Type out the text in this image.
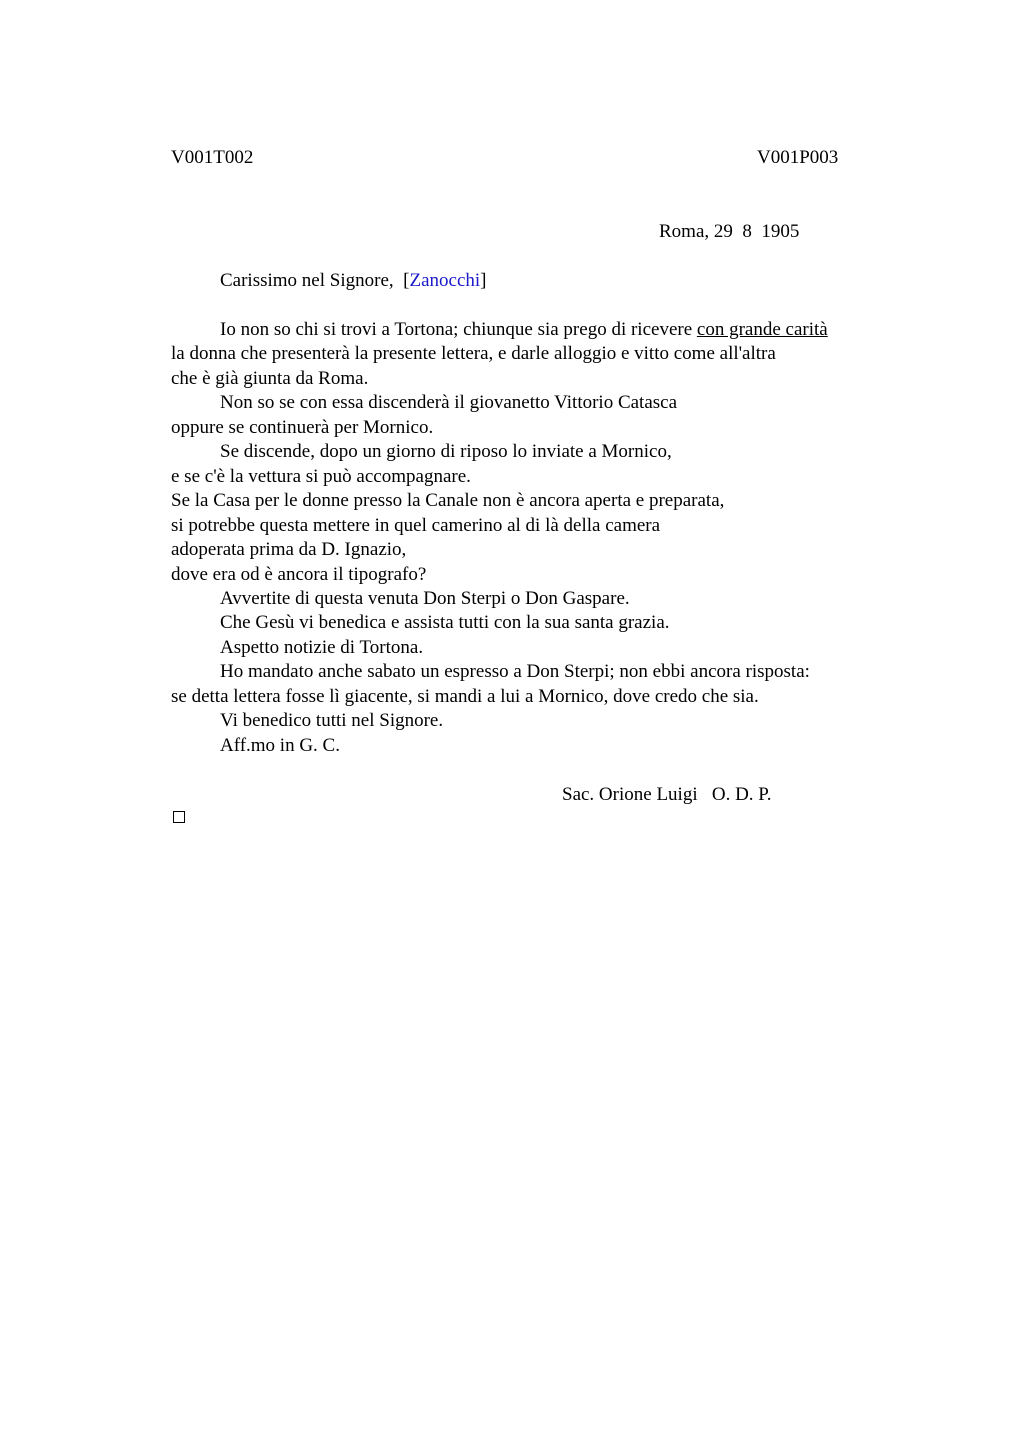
V001T002	V001P003
Roma, 29  8  1905
Carissimo nel Signore,  [Zanocchi]
Io non so chi si trovi a Tortona; chiunque sia prego di ricevere con grande carità
la donna che presenterà la presente lettera, e darle alloggio e vitto come all'altra
che è già giunta da Roma.
Non so se con essa discenderà il giovanetto Vittorio Catasca
oppure se continuerà per Mornico.
Se discende, dopo un giorno di riposo lo inviate a Mornico,
e se c'è la vettura si può accompagnare.
Se la Casa per le donne presso la Canale non è ancora aperta e preparata,
si potrebbe questa mettere in quel camerino al di là della camera
adoperata prima da D. Ignazio,
dove era od è ancora il tipografo?
Avvertite di questa venuta Don Sterpi o Don Gaspare.
Che Gesù vi benedica e assista tutti con la sua santa grazia.
Aspetto notizie di Tortona.
Ho mandato anche sabato un espresso a Don Sterpi; non ebbi ancora risposta:
se detta lettera fosse lì giacente, si mandi a lui a Mornico, dove credo che sia.
Vi benedico tutti nel Signore.
Aff.mo in G. C.
Sac. Orione Luigi   O. D. P.
